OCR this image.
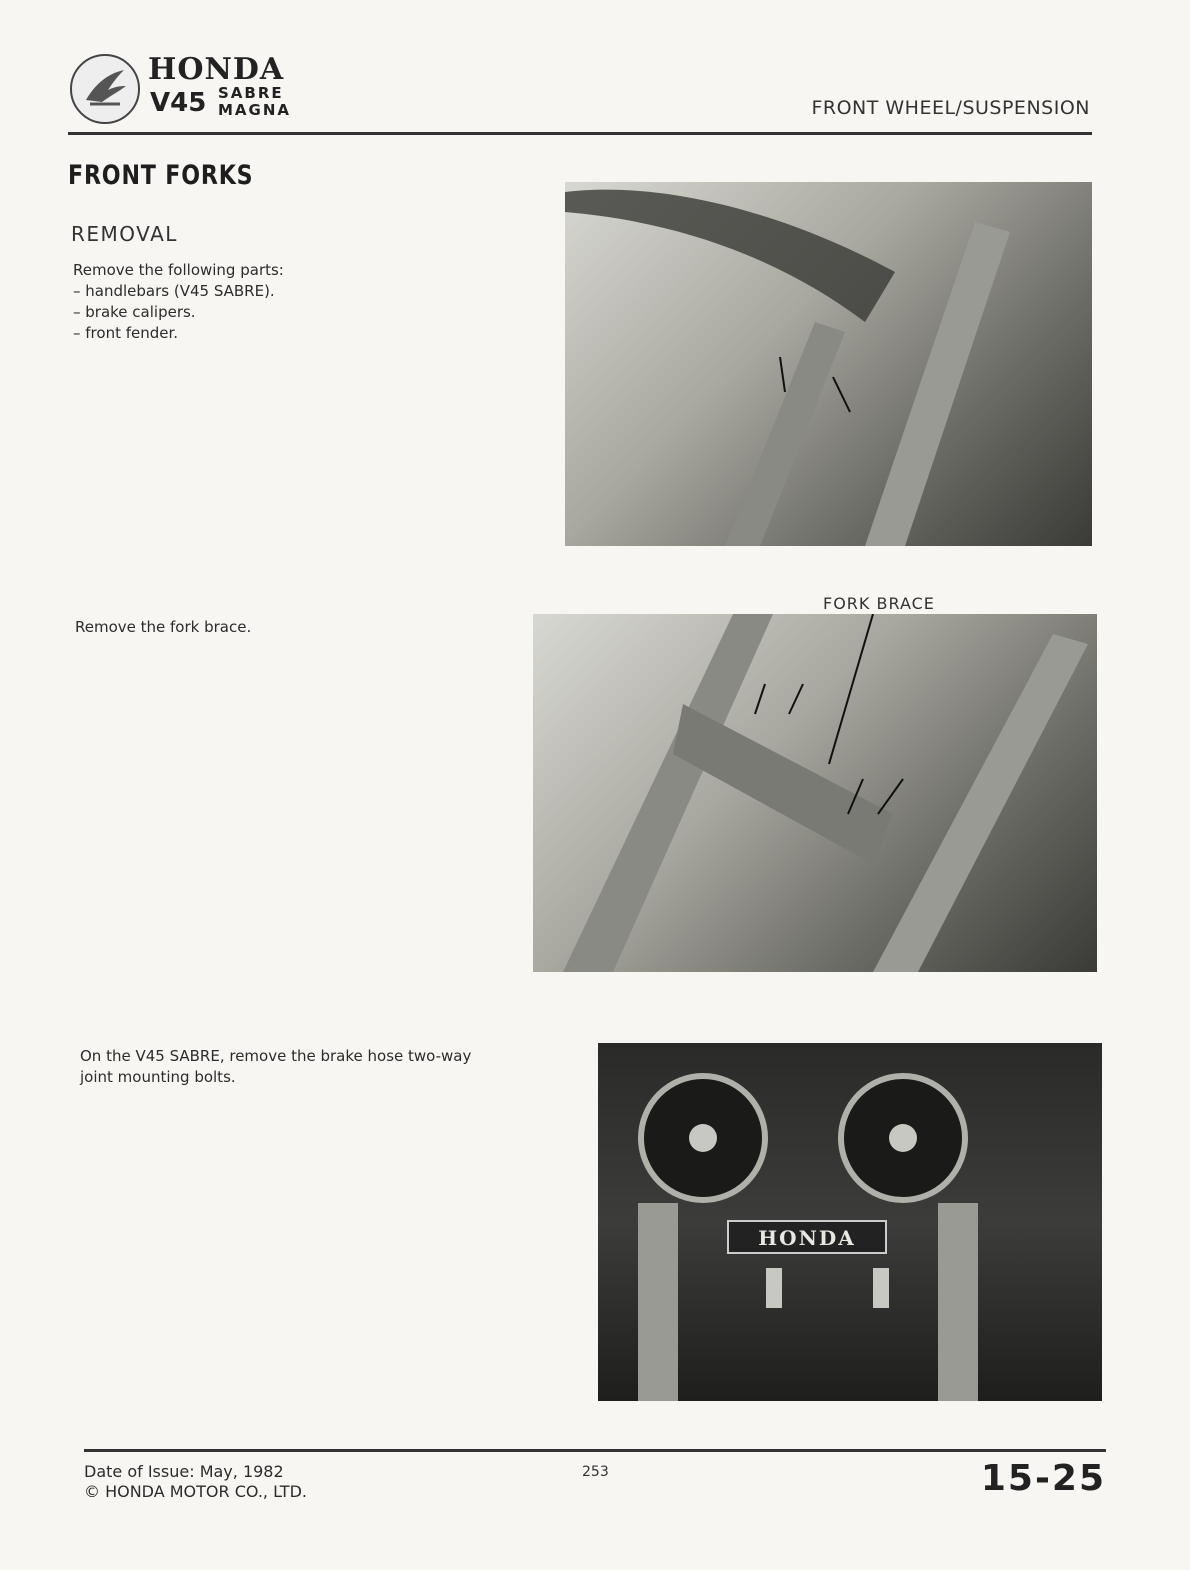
HONDA
V45 SABRE
MAGNA	FRONT WHEEL/SUSPENSION
FRONT FORKS
REMOVAL
Remove the following parts:
– handlebars (V45 SABRE).
– brake calipers.
– front fender.
Remove the fork brace.
FORK BRACE
On the V45 SABRE, remove the brake hose two-way
joint mounting bolts.
HONDA
Date of Issue: May, 1982
© HONDA MOTOR CO., LTD.
253	15-25
